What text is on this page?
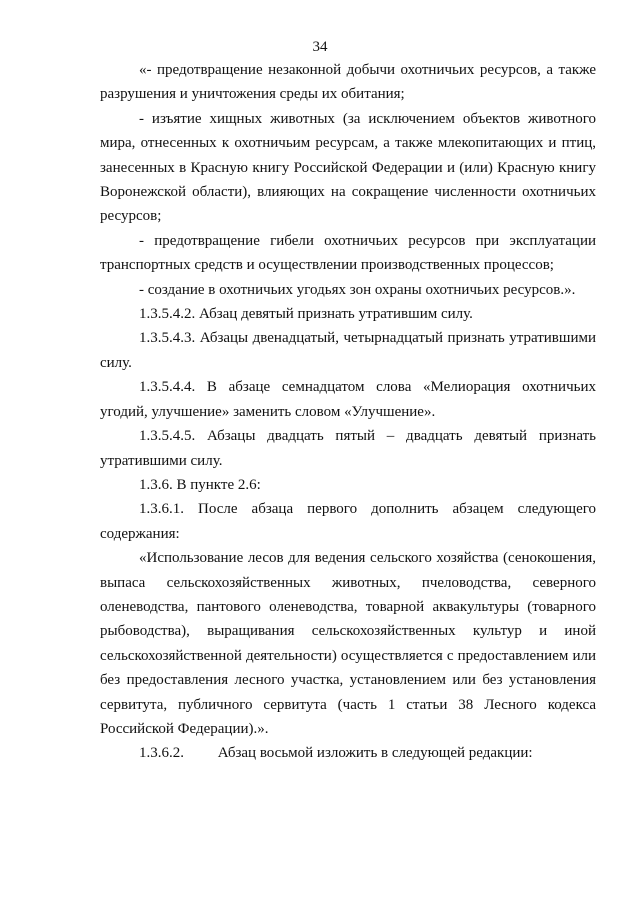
34

«- предотвращение незаконной добычи охотничьих ресурсов, а также разрушения и уничтожения среды их обитания;

- изъятие хищных животных (за исключением объектов животного мира, отнесенных к охотничьим ресурсам, а также млекопитающих и птиц, занесенных в Красную книгу Российской Федерации и (или) Красную книгу Воронежской области), влияющих на сокращение численности охотничьих ресурсов;

- предотвращение гибели охотничьих ресурсов при эксплуатации транспортных средств и осуществлении производственных процессов;

- создание в охотничьих угодьях зон охраны охотничьих ресурсов.».

1.3.5.4.2. Абзац девятый признать утратившим силу.

1.3.5.4.3. Абзацы двенадцатый, четырнадцатый признать утратившими силу.

1.3.5.4.4. В абзаце семнадцатом слова «Мелиорация охотничьих угодий, улучшение» заменить словом «Улучшение».

1.3.5.4.5. Абзацы двадцать пятый – двадцать девятый признать утратившими силу.

1.3.6. В пункте 2.6:

1.3.6.1. После абзаца первого дополнить абзацем следующего содержания:

«Использование лесов для ведения сельского хозяйства (сенокошения, выпаса сельскохозяйственных животных, пчеловодства, северного оленеводства, пантового оленеводства, товарной аквакультуры (товарного рыбоводства), выращивания сельскохозяйственных культур и иной сельскохозяйственной деятельности) осуществляется с предоставлением или без предоставления лесного участка, установлением или без установления сервитута, публичного сервитута (часть 1 статьи 38 Лесного кодекса Российской Федерации).».

1.3.6.2. Абзац восьмой изложить в следующей редакции:
